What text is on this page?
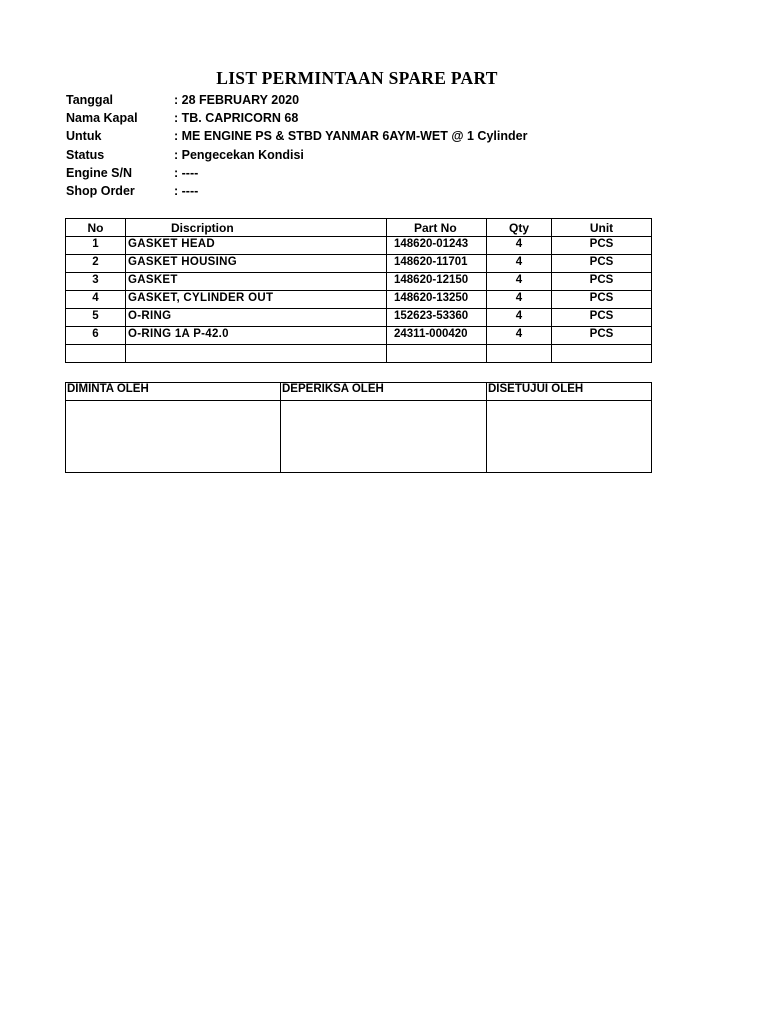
LIST PERMINTAAN SPARE PART
Tanggal	: 28 FEBRUARY 2020
Nama Kapal	: TB. CAPRICORN 68
Untuk	: ME ENGINE PS & STBD YANMAR 6AYM-WET @ 1 Cylinder
Status	: Pengecekan Kondisi
Engine S/N	: ----
Shop Order	: ----
No	Discription	Part No	Qty	Unit
1	GASKET HEAD	148620-01243	4	PCS
2	GASKET HOUSING	148620-11701	4	PCS
3	GASKET	148620-12150	4	PCS
4	GASKET, CYLINDER OUT	148620-13250	4	PCS
5	O-RING	152623-53360	4	PCS
6	O-RING 1A P-42.0	24311-000420	4	PCS

DIMINTA OLEH	DEPERIKSA OLEH	DISETUJUI OLEH
